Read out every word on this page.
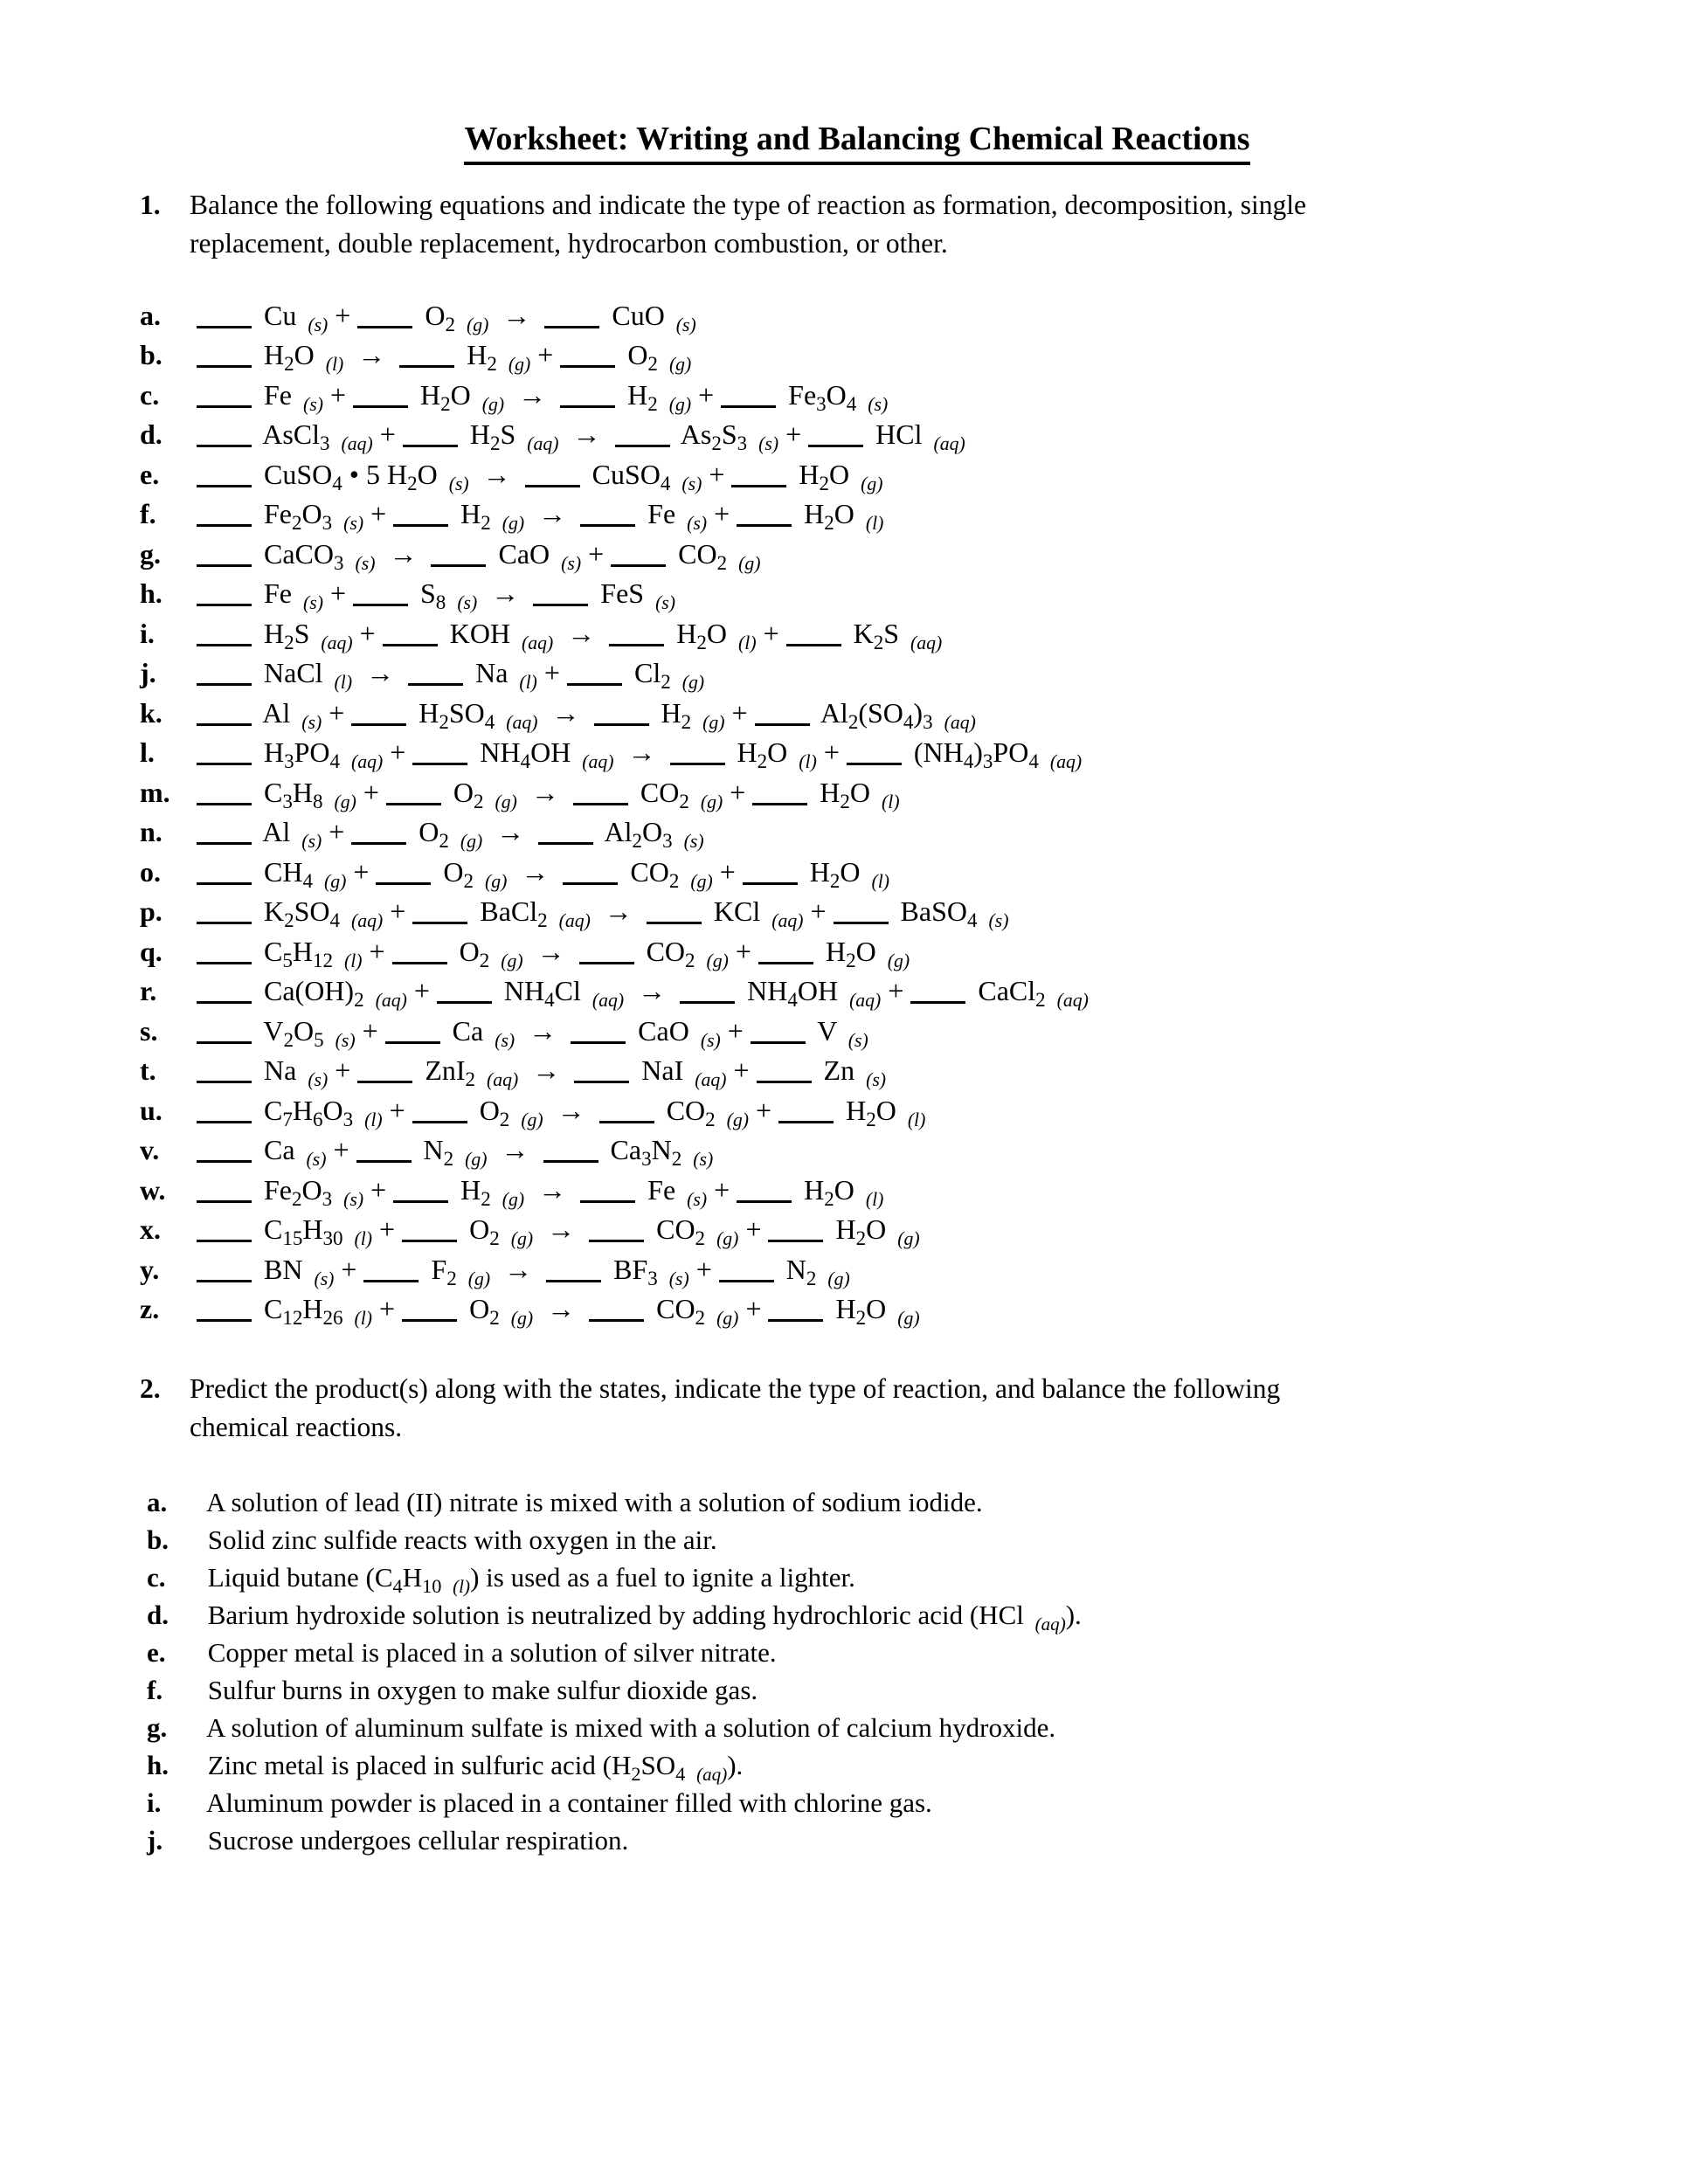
Worksheet: Writing and Balancing Chemical Reactions
1.	Balance the following equations and indicate the type of reaction as formation, decomposition, single
replacement, double replacement, hydrocarbon combustion, or other.
a.	Cu $_{(s)} + O_2$ $_{(g)}$ →	CuO $_{(s)}$
b.	$H_2O$ $_{(l)}$ →	$H_2$ $_{(g)} + O_2$ $_{(g)}$
c.	Fe $_{(s)} + H_2O$ $_{(g)}$ →	$H_2$ $_{(g)} + Fe_3O_4$ $_{(s)}$
d.	AsCl$_3$ $_{(aq)} + H_2S$ $_{(aq)}$ →	$As_2S_3$ $_{(s)}$ +  HCl $_{(aq)}$
e.	CuSO$_4$ • 5 $H_2O$ $_{(s)}$ →	CuSO$_4$ $_{(s)} + H_2O$ $_{(g)}$
f.	$Fe_2O_3$ $_{(s)} + H_2$ $_{(g)}$ →	Fe $_{(s)} + H_2O$ $_{(l)}$
g.	CaCO$_3$ $_{(s)}$ →	CaO $_{(s)} + CO_2$ $_{(g)}$
h.	Fe $_{(s)} + S_8$ $_{(s)}$ →	FeS $_{(s)}$
i.	$H_2S$ $_{(aq)}$ +  KOH $_{(aq)}$ →	$H_2O$ $_{(l)} + K_2S$ $_{(aq)}$
j.	NaCl $_{(l)}$ →	Na $_{(l)} + Cl_2$ $_{(g)}$
k.	Al $_{(s)} + H_2SO_4$ $_{(aq)}$ →	$H_2$ $_{(g)} + Al_2(SO_4)_3$ $_{(aq)}$
l.	$H_3PO_4$ $_{(aq)} + NH_4OH$ $_{(aq)}$ →	$H_2O$ $_{(l)} + (NH_4)_3PO_4$ $_{(aq)}$
m.	$C_3H_8$ $_{(g)} + O_2$ $_{(g)}$ →	$CO_2$ $_{(g)} + H_2O$ $_{(l)}$
n.	Al $_{(s)} + O_2$ $_{(g)}$ →	$Al_2O_3$ $_{(s)}$
o.	$CH_4$ $_{(g)} + O_2$ $_{(g)}$ →	$CO_2$ $_{(g)} + H_2O$ $_{(l)}$
p.	$K_2SO_4$ $_{(aq)}$ +  BaCl$_2$ $_{(aq)}$ →	KCl $_{(aq)}$ +  BaSO$_4$ $_{(s)}$
q.	$C_5H_{12}$ $_{(l)} + O_2$ $_{(g)}$ →	$CO_2$ $_{(g)} + H_2O$ $_{(g)}$
r.	$Ca(OH)_2$ $_{(aq)} + NH_4Cl$ $_{(aq)}$ →	$NH_4OH$ $_{(aq)}$ +  CaCl$_2$ $_{(aq)}$
s.	$V_2O_5$ $_{(s)}$ +  Ca $_{(s)}$ →	CaO $_{(s)}$ +  V $_{(s)}$
t.	Na $_{(s)}$ +  ZnI$_2$ $_{(aq)}$ →	NaI $_{(aq)}$ +  Zn $_{(s)}$
u.	$C_7H_6O_3$ $_{(l)} + O_2$ $_{(g)}$ →	$CO_2$ $_{(g)} + H_2O$ $_{(l)}$
v.	Ca $_{(s)} + N_2$ $_{(g)}$ →	$Ca_3N_2$ $_{(s)}$
w.	$Fe_2O_3$ $_{(s)} + H_2$ $_{(g)}$ →	Fe $_{(s)} + H_2O$ $_{(l)}$
x.	$C_{15}H_{30}$ $_{(l)} + O_2$ $_{(g)}$ →	$CO_2$ $_{(g)} + H_2O$ $_{(g)}$
y.	BN $_{(s)} + F_2$ $_{(g)}$ →	$BF_3$ $_{(s)} + N_2$ $_{(g)}$
z.	$C_{12}H_{26}$ $_{(l)} + O_2$ $_{(g)}$ →	$CO_2$ $_{(g)} + H_2O$ $_{(g)}$
2.	Predict the product(s) along with the states, indicate the type of reaction, and balance the following
chemical reactions.
a. A solution of lead (II) nitrate is mixed with a solution of sodium iodide.
b. Solid zinc sulfide reacts with oxygen in the air.
c. Liquid butane ($C_4H_{10}$ $_{(l)}$) is used as a fuel to ignite a lighter.
d. Barium hydroxide solution is neutralized by adding hydrochloric acid (HCl $_{(aq)}$).
e. Copper metal is placed in a solution of silver nitrate.
f. Sulfur burns in oxygen to make sulfur dioxide gas.
g. A solution of aluminum sulfate is mixed with a solution of calcium hydroxide.
h. Zinc metal is placed in sulfuric acid ($H_2SO_4$ $_{(aq)}$).
i. Aluminum powder is placed in a container filled with chlorine gas.
j. Sucrose undergoes cellular respiration.
